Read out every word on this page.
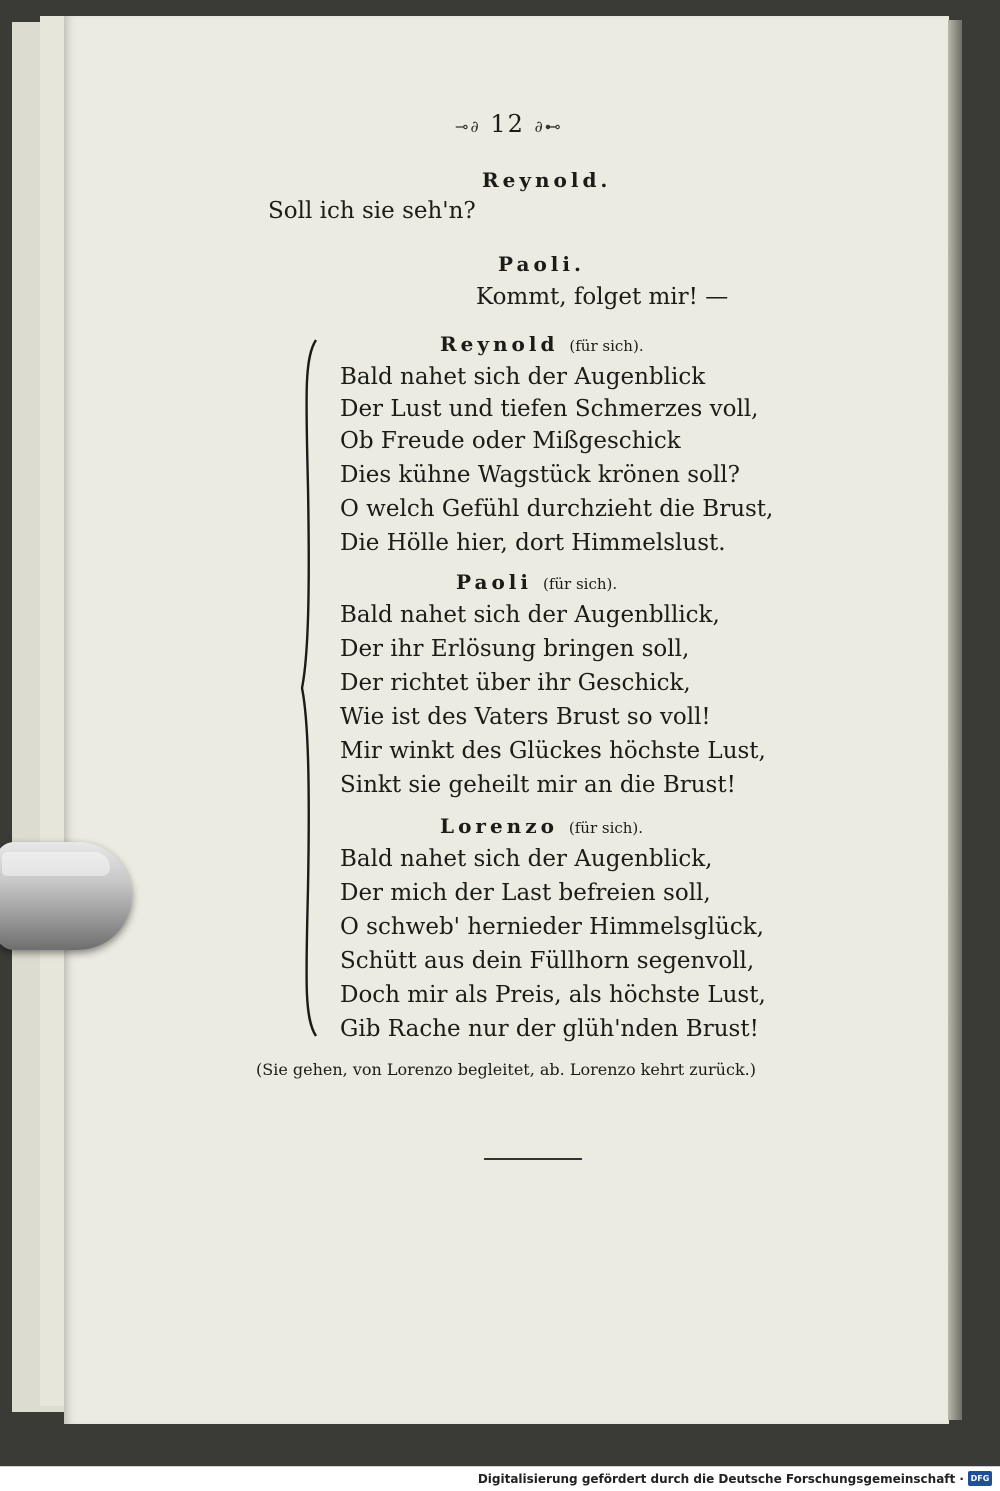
⊸∂ 12 ∂⊷
Reynold.
Soll ich sie seh'n?
Paoli.
Kommt, folget mir! —
Reynold (für sich).
Bald nahet sich der Augenblick
Der Lust und tiefen Schmerzes voll,
Ob Freude oder Mißgeschick
Dies kühne Wagstück krönen soll?
O welch Gefühl durchzieht die Brust,
Die Hölle hier, dort Himmelslust.
Paoli (für sich).
Bald nahet sich der Augenbllick,
Der ihr Erlösung bringen soll,
Der richtet über ihr Geschick,
Wie ist des Vaters Brust so voll!
Mir winkt des Glückes höchste Lust,
Sinkt sie geheilt mir an die Brust!
Lorenzo (für sich).
Bald nahet sich der Augenblick,
Der mich der Last befreien soll,
O schweb' hernieder Himmelsglück,
Schütt aus dein Füllhorn segenvoll,
Doch mir als Preis, als höchste Lust,
Gib Rache nur der glüh'nden Brust!
(Sie gehen, von Lorenzo begleitet, ab. Lorenzo kehrt zurück.)
Digitalisierung gefördert durch die Deutsche Forschungsgemeinschaft · DFG
